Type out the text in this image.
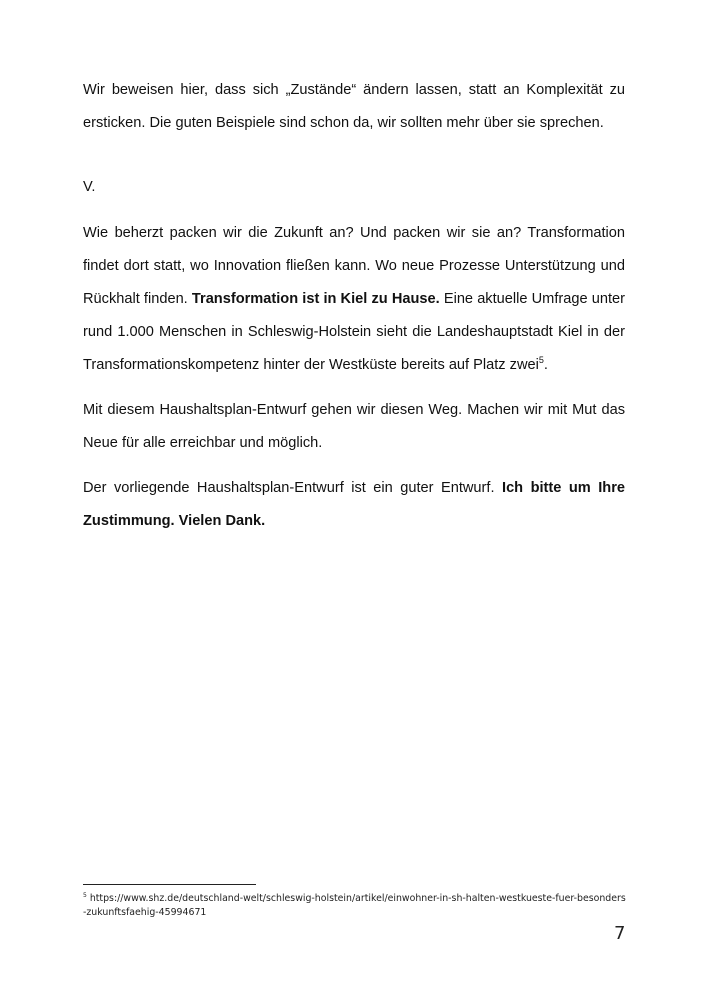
Wir beweisen hier, dass sich „Zustände“ ändern lassen, statt an Komplexität zu

ersticken. Die guten Beispiele sind schon da, wir sollten mehr über sie sprechen.

V.

Wie beherzt packen wir die Zukunft an? Und packen wir sie an? Transformation findet dort statt, wo Innovation fließen kann. Wo neue Prozesse Unterstützung und Rückhalt finden. Transformation ist in Kiel zu Hause. Eine aktuelle Umfrage unter rund 1.000 Menschen in Schleswig-Holstein sieht die Landeshauptstadt Kiel in der Transformationskompetenz hinter der Westküste bereits auf Platz zwei$^5$.

Mit diesem Haushaltsplan-Entwurf gehen wir diesen Weg. Machen wir mit Mut das Neue für alle erreichbar und möglich.

Der vorliegende Haushaltsplan-Entwurf ist ein guter Entwurf. Ich bitte um Ihre Zustimmung. Vielen Dank.

$^5$ https://www.shz.de/deutschland-welt/schleswig-holstein/artikel/einwohner-in-sh-halten-westkueste-fuer-besonders-zukunftsfaehig-45994671
7
